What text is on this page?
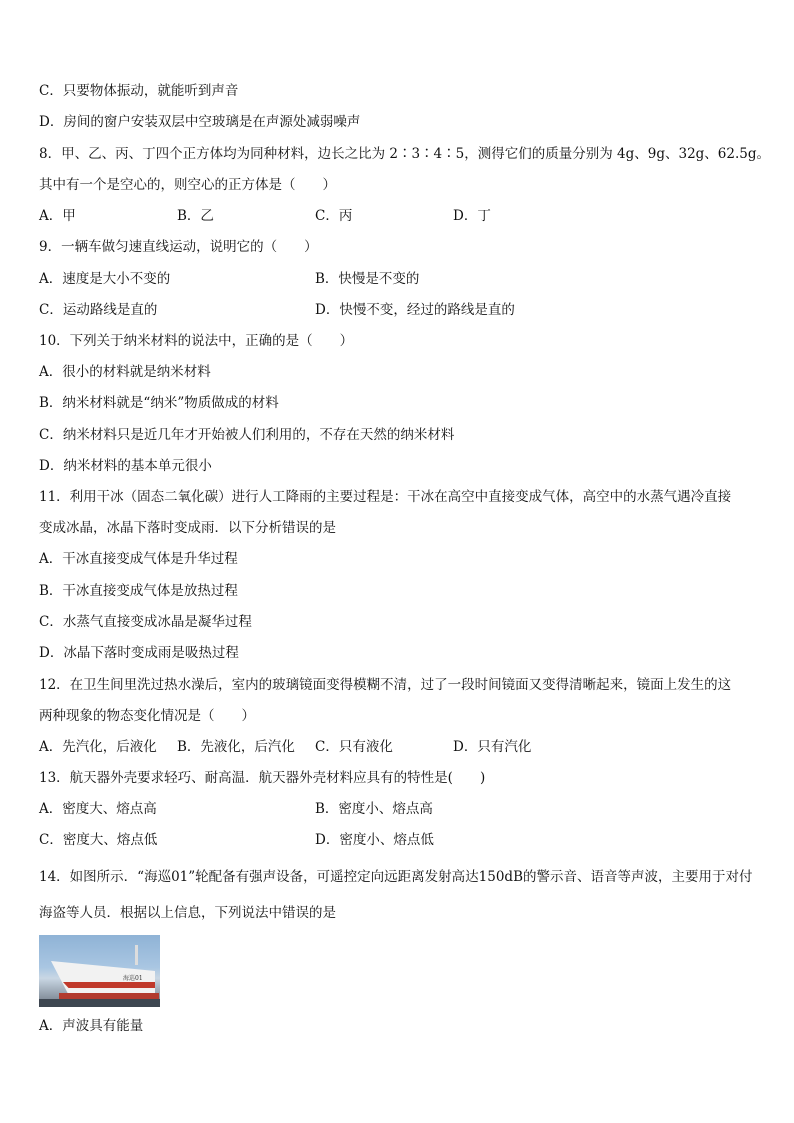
C．只要物体振动，就能听到声音
D．房间的窗户安装双层中空玻璃是在声源处减弱噪声
8．甲、乙、丙、丁四个正方体均为同种材料，边长之比为 2∶3∶4∶5，测得它们的质量分别为 4g、9g、32g、62.5g。
其中有一个是空心的，则空心的正方体是（　　）
A．甲	B．乙	C．丙	D．丁
9．一辆车做匀速直线运动，说明它的（　　）
A．速度是大小不变的	B．快慢是不变的
C．运动路线是直的	D．快慢不变，经过的路线是直的
10．下列关于纳米材料的说法中，正确的是（　　）
A．很小的材料就是纳米材料
B．纳米材料就是“纳米”物质做成的材料
C．纳米材料只是近几年才开始被人们利用的，不存在天然的纳米材料
D．纳米材料的基本单元很小
11．利用干冰（固态二氧化碳）进行人工降雨的主要过程是：干冰在高空中直接变成气体，高空中的水蒸气遇冷直接
变成冰晶，冰晶下落时变成雨．以下分析错误的是
A．干冰直接变成气体是升华过程
B．干冰直接变成气体是放热过程
C．水蒸气直接变成冰晶是凝华过程
D．冰晶下落时变成雨是吸热过程
12．在卫生间里洗过热水澡后，室内的玻璃镜面变得模糊不清，过了一段时间镜面又变得清晰起来，镜面上发生的这
两种现象的物态变化情况是（　　）
A．先汽化，后液化 B．先液化，后汽化 C．只有液化	D．只有汽化
13．航天器外壳要求轻巧、耐高温．航天器外壳材料应具有的特性是(　　)
A．密度大、熔点高	B．密度小、熔点高
C．密度大、熔点低	D．密度小、熔点低
14．如图所示．“海巡01”轮配备有强声设备，可遥控定向远距离发射高达150dB的警示音、语音等声波，主要用于对付
海盗等人员．根据以上信息，下列说法中错误的是
海巡01
A．声波具有能量
